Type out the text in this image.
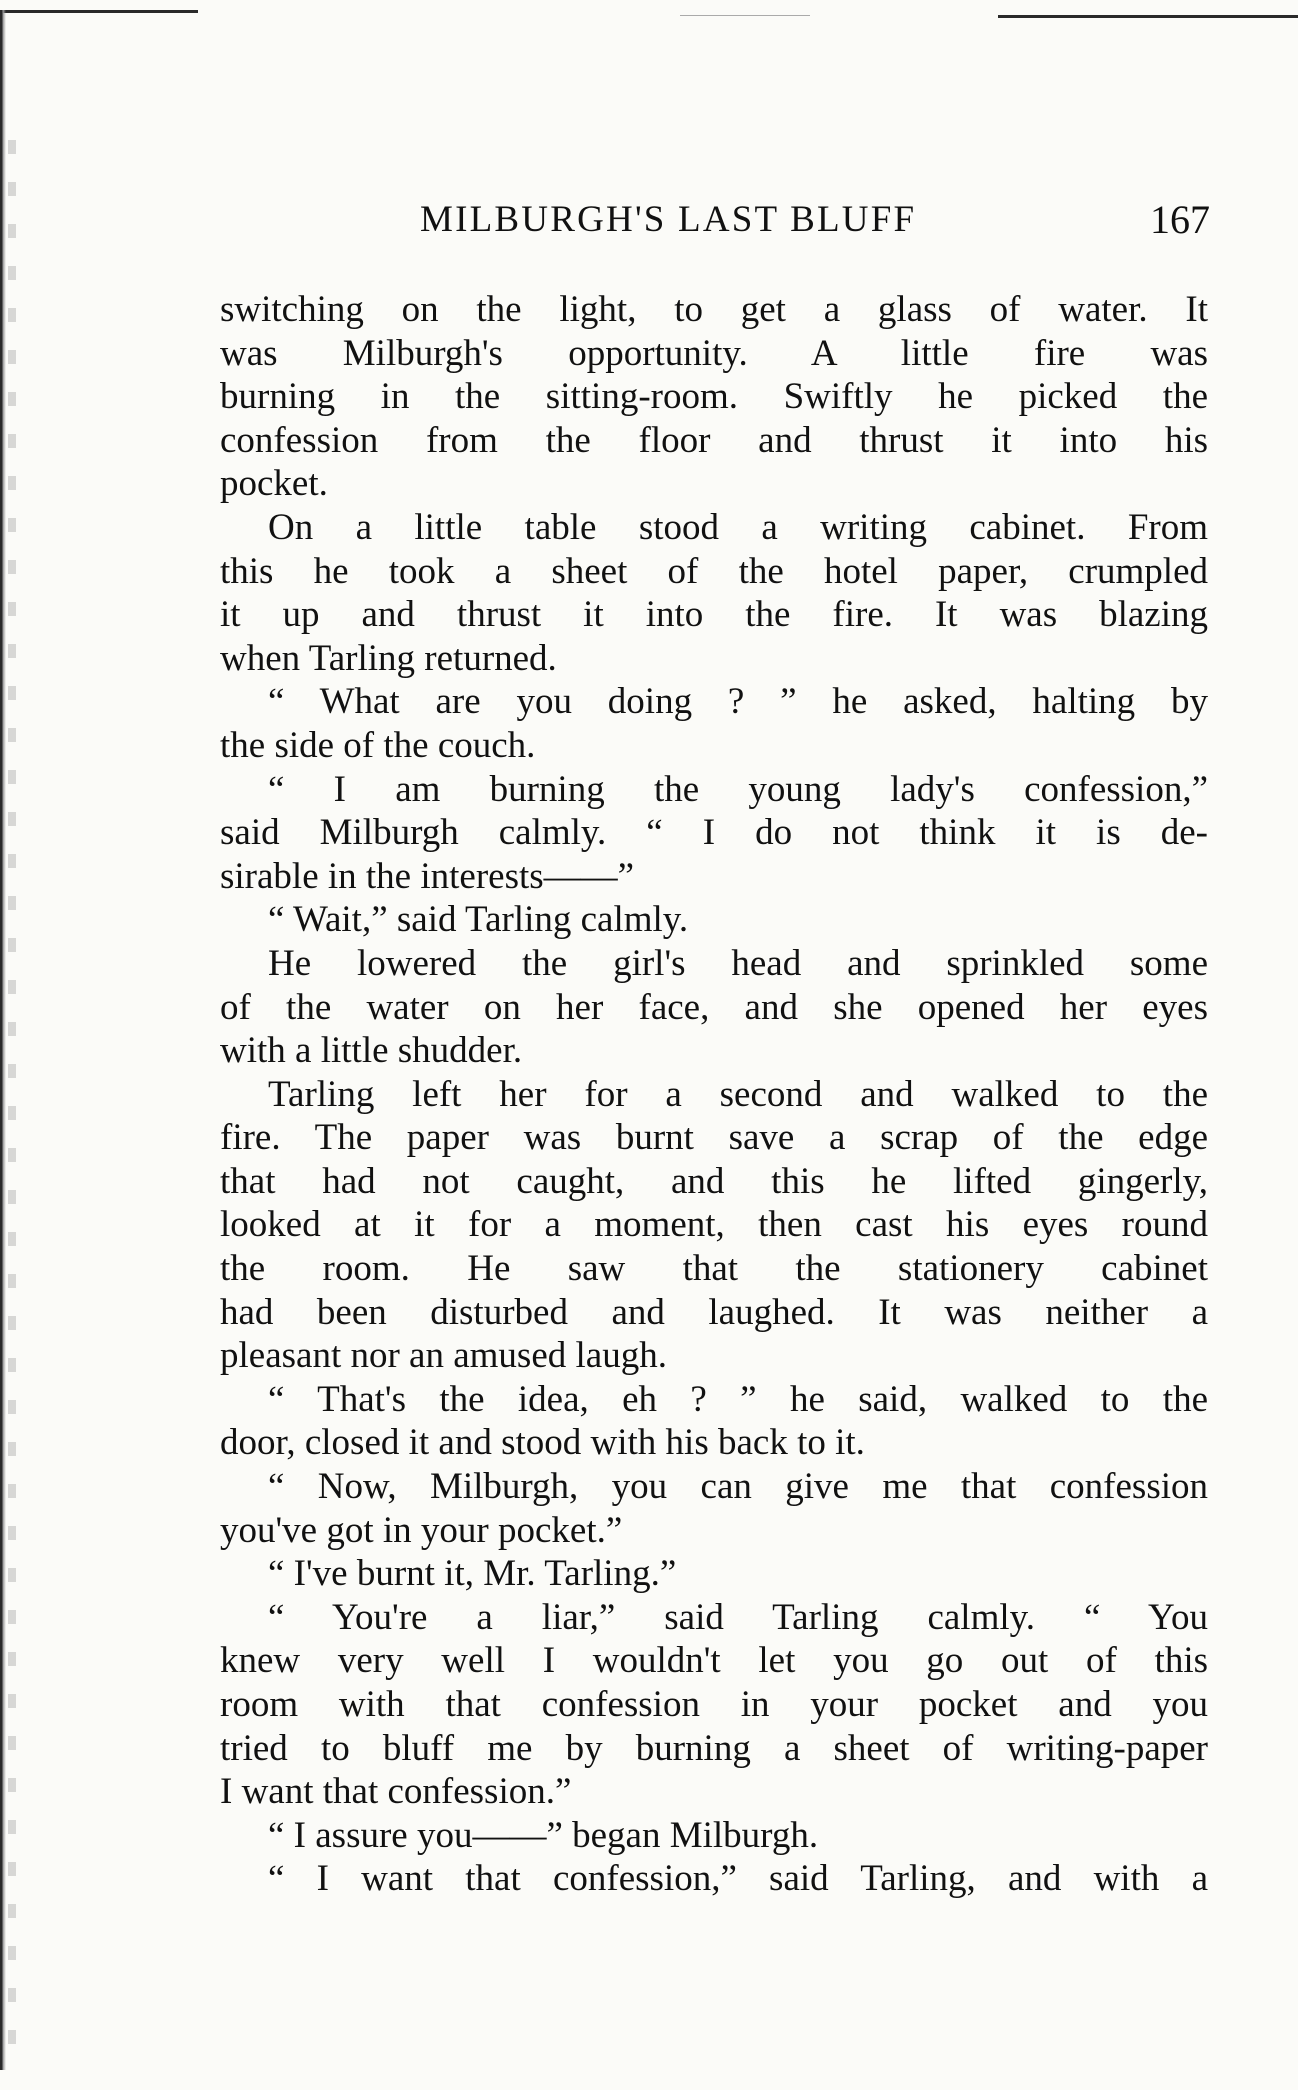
MILBURGH'S LAST BLUFF	167
switching on the light, to get a glass of water. It
was Milburgh's opportunity. A little fire was
burning in the sitting-room. Swiftly he picked the
confession from the floor and thrust it into his
pocket.
On a little table stood a writing cabinet. From
this he took a sheet of the hotel paper, crumpled
it up and thrust it into the fire. It was blazing
when Tarling returned.
“ What are you doing ? ” he asked, halting by
the side of the couch.
“ I am burning the young lady's confession,”
said Milburgh calmly. “ I do not think it is de-
sirable in the interests——”
“ Wait,” said Tarling calmly.
He lowered the girl's head and sprinkled some
of the water on her face, and she opened her eyes
with a little shudder.
Tarling left her for a second and walked to the
fire. The paper was burnt save a scrap of the edge
that had not caught, and this he lifted gingerly,
looked at it for a moment, then cast his eyes round
the room. He saw that the stationery cabinet
had been disturbed and laughed. It was neither a
pleasant nor an amused laugh.
“ That's the idea, eh ? ” he said, walked to the
door, closed it and stood with his back to it.
“ Now, Milburgh, you can give me that confession
you've got in your pocket.”
“ I've burnt it, Mr. Tarling.”
“ You're a liar,” said Tarling calmly. “ You
knew very well I wouldn't let you go out of this
room with that confession in your pocket and you
tried to bluff me by burning a sheet of writing-paper
I want that confession.”
“ I assure you——” began Milburgh.
“ I want that confession,” said Tarling, and with a
